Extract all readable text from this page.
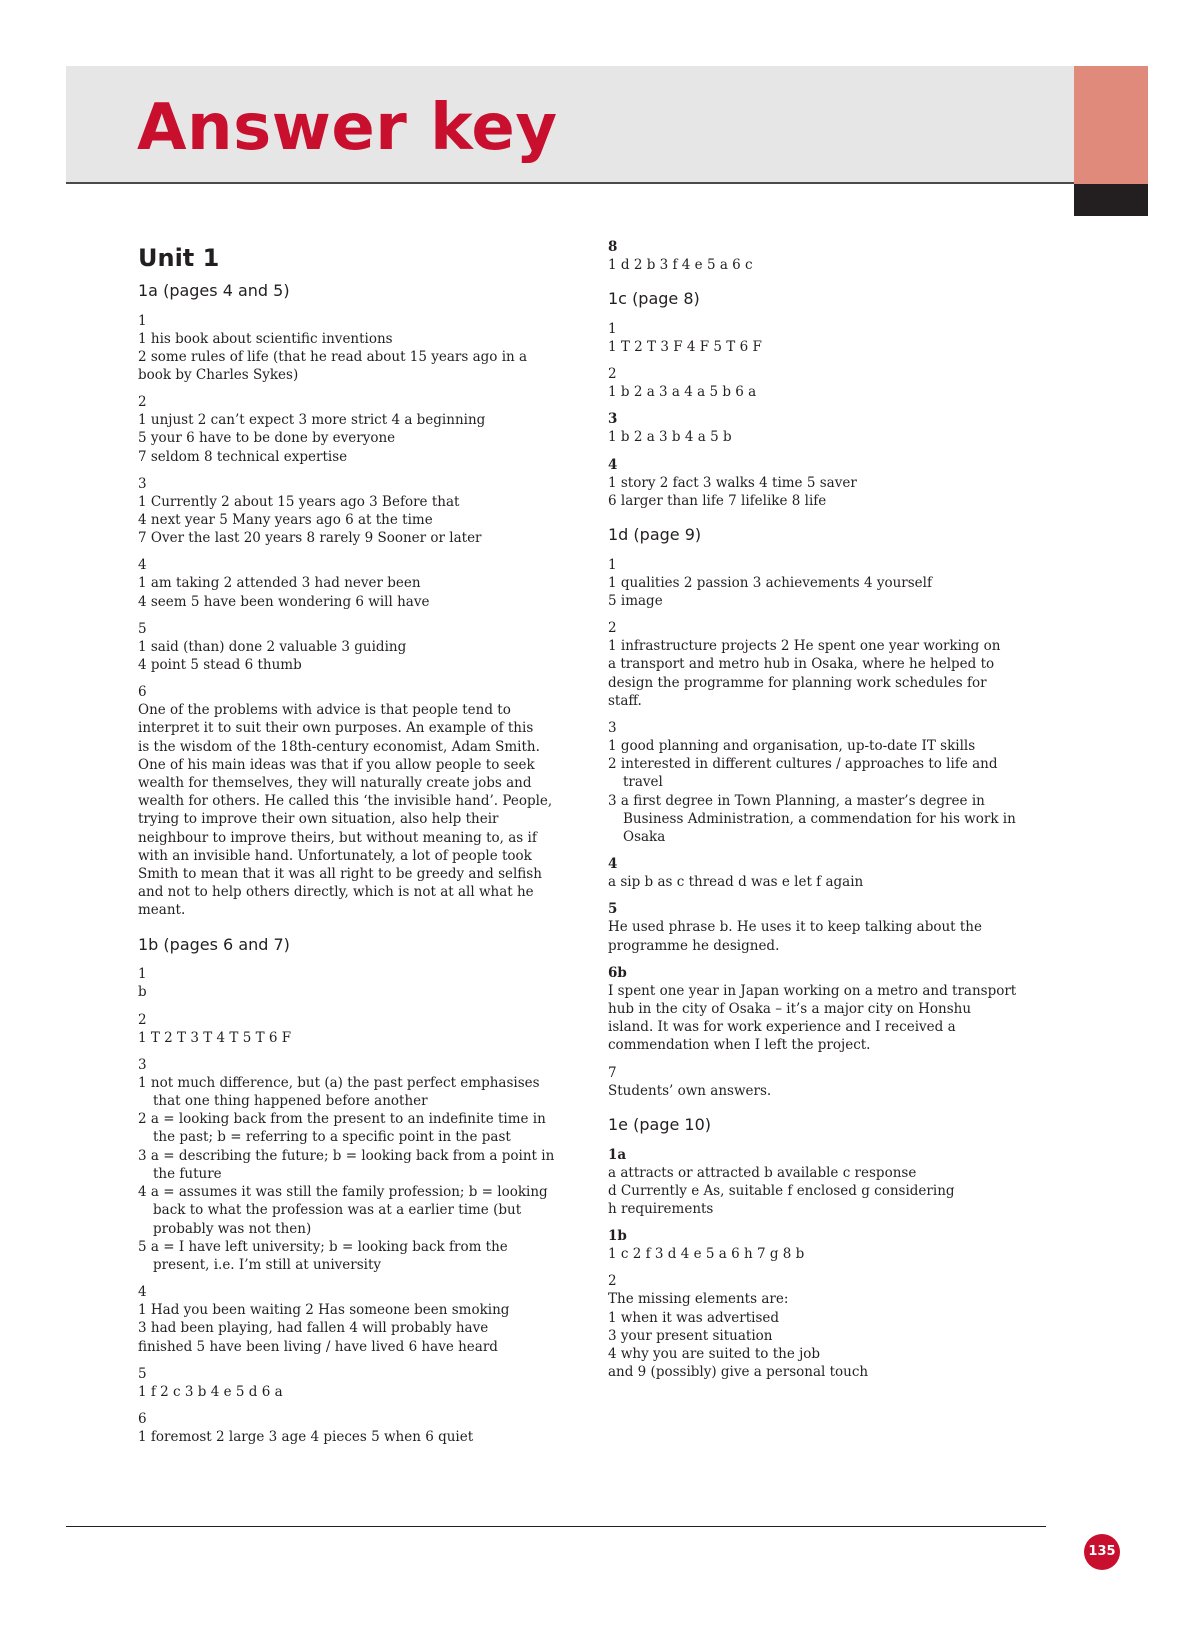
Answer key
Unit 1
1a (pages 4 and 5)
1
1 his book about scientific inventions
2 some rules of life (that he read about 15 years ago in a
book by Charles Sykes)
2
1 unjust 2 can’t expect 3 more strict 4 a beginning
5 your 6 have to be done by everyone
7 seldom 8 technical expertise
3
1 Currently 2 about 15 years ago 3 Before that
4 next year 5 Many years ago 6 at the time
7 Over the last 20 years 8 rarely 9 Sooner or later
4
1 am taking 2 attended 3 had never been
4 seem 5 have been wondering 6 will have
5
1 said (than) done 2 valuable 3 guiding
4 point 5 stead 6 thumb
6
One of the problems with advice is that people tend to
interpret it to suit their own purposes. An example of this
is the wisdom of the 18th-century economist, Adam Smith.
One of his main ideas was that if you allow people to seek
wealth for themselves, they will naturally create jobs and
wealth for others. He called this ‘the invisible hand’. People,
trying to improve their own situation, also help their
neighbour to improve theirs, but without meaning to, as if
with an invisible hand. Unfortunately, a lot of people took
Smith to mean that it was all right to be greedy and selfish
and not to help others directly, which is not at all what he
meant.
1b (pages 6 and 7)
1
b
2
1 T 2 T 3 T 4 T 5 T 6 F
3
1 not much difference, but (a) the past perfect emphasises
that one thing happened before another
2 a = looking back from the present to an indefinite time in
the past; b = referring to a specific point in the past
3 a = describing the future; b = looking back from a point in
the future
4 a = assumes it was still the family profession; b = looking
back to what the profession was at a earlier time (but
probably was not then)
5 a = I have left university; b = looking back from the
present, i.e. I’m still at university
4
1 Had you been waiting 2 Has someone been smoking
3 had been playing, had fallen 4 will probably have
finished 5 have been living / have lived 6 have heard
5
1 f 2 c 3 b 4 e 5 d 6 a
6
1 foremost 2 large 3 age 4 pieces 5 when 6 quiet
8
1 d 2 b 3 f 4 e 5 a 6 c
1c (page 8)
1
1 T 2 T 3 F 4 F 5 T 6 F
2
1 b 2 a 3 a 4 a 5 b 6 a
3
1 b 2 a 3 b 4 a 5 b
4
1 story 2 fact 3 walks 4 time 5 saver
6 larger than life 7 lifelike 8 life
1d (page 9)
1
1 qualities 2 passion 3 achievements 4 yourself
5 image
2
1 infrastructure projects 2 He spent one year working on
a transport and metro hub in Osaka, where he helped to
design the programme for planning work schedules for
staff.
3
1 good planning and organisation, up-to-date IT skills
2 interested in different cultures / approaches to life and
travel
3 a first degree in Town Planning, a master’s degree in
Business Administration, a commendation for his work in
Osaka
4
a sip b as c thread d was e let f again
5
He used phrase b. He uses it to keep talking about the
programme he designed.
6b
I spent one year in Japan working on a metro and transport
hub in the city of Osaka – it’s a major city on Honshu
island. It was for work experience and I received a
commendation when I left the project.
7
Students’ own answers.
1e (page 10)
1a
a attracts or attracted b available c response
d Currently e As, suitable f enclosed g considering
h requirements
1b
1 c 2 f 3 d 4 e 5 a 6 h 7 g 8 b
2
The missing elements are:
1 when it was advertised
3 your present situation
4 why you are suited to the job
and 9 (possibly) give a personal touch
135
